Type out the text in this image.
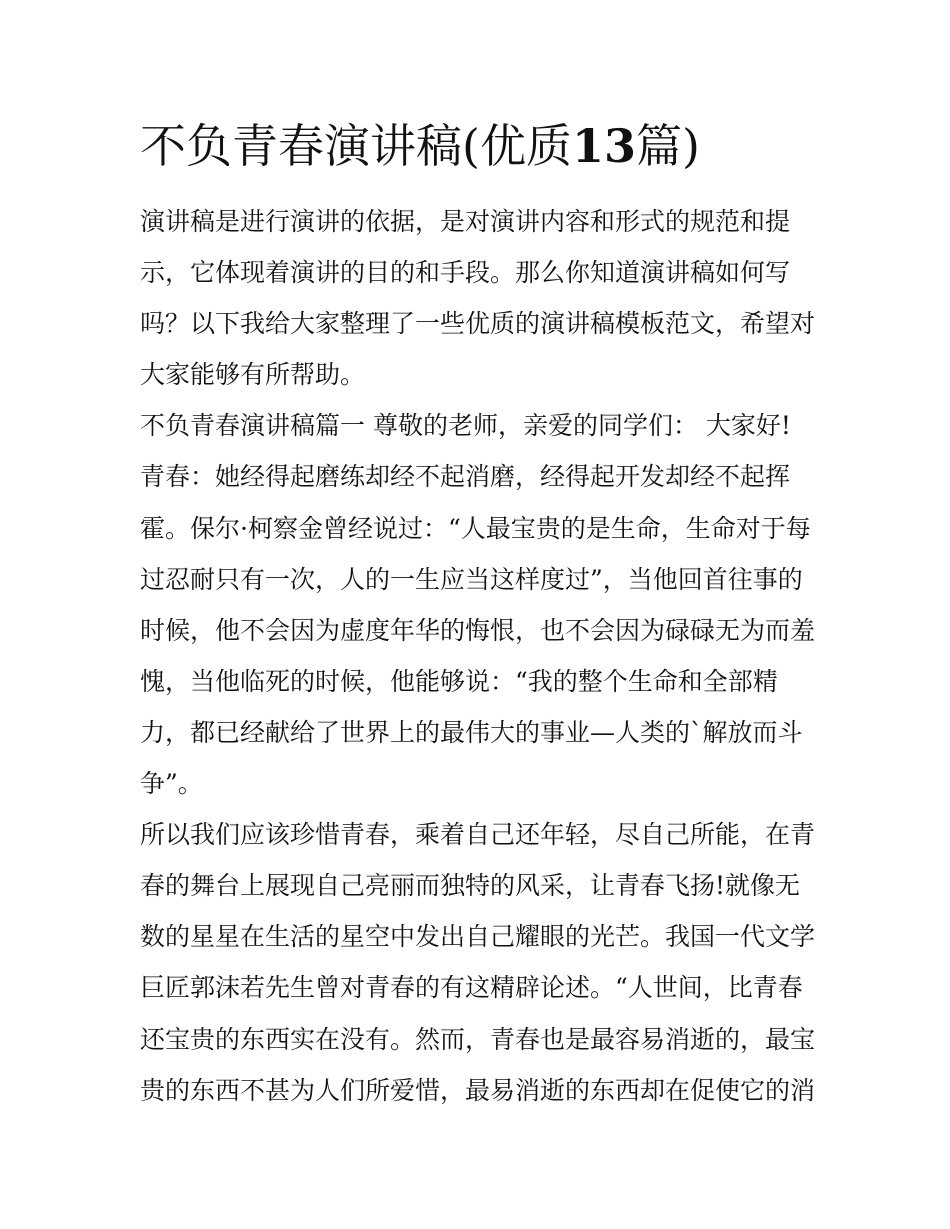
不负青春演讲稿(优质13篇)
演讲稿是进行演讲的依据，是对演讲内容和形式的规范和提
示，它体现着演讲的目的和手段。那么你知道演讲稿如何写
吗？以下我给大家整理了一些优质的演讲稿模板范文，希望对
大家能够有所帮助。
不负青春演讲稿篇一 尊敬的老师，亲爱的同学们： 大家好!
青春：她经得起磨练却经不起消磨，经得起开发却经不起挥
霍。保尔·柯察金曾经说过：“人最宝贵的是生命，生命对于每
过忍耐只有一次，人的一生应当这样度过”，当他回首往事的
时候，他不会因为虚度年华的悔恨，也不会因为碌碌无为而羞
愧，当他临死的时候，他能够说：“我的整个生命和全部精
力，都已经献给了世界上的最伟大的事业—人类的`解放而斗
争”。
所以我们应该珍惜青春，乘着自己还年轻，尽自己所能，在青
春的舞台上展现自己亮丽而独特的风采，让青春飞扬!就像无
数的星星在生活的星空中发出自己耀眼的光芒。我国一代文学
巨匠郭沫若先生曾对青春的有这精辟论述。“人世间，比青春
还宝贵的东西实在没有。然而，青春也是最容易消逝的，最宝
贵的东西不甚为人们所爱惜，最易消逝的东西却在促使它的消
